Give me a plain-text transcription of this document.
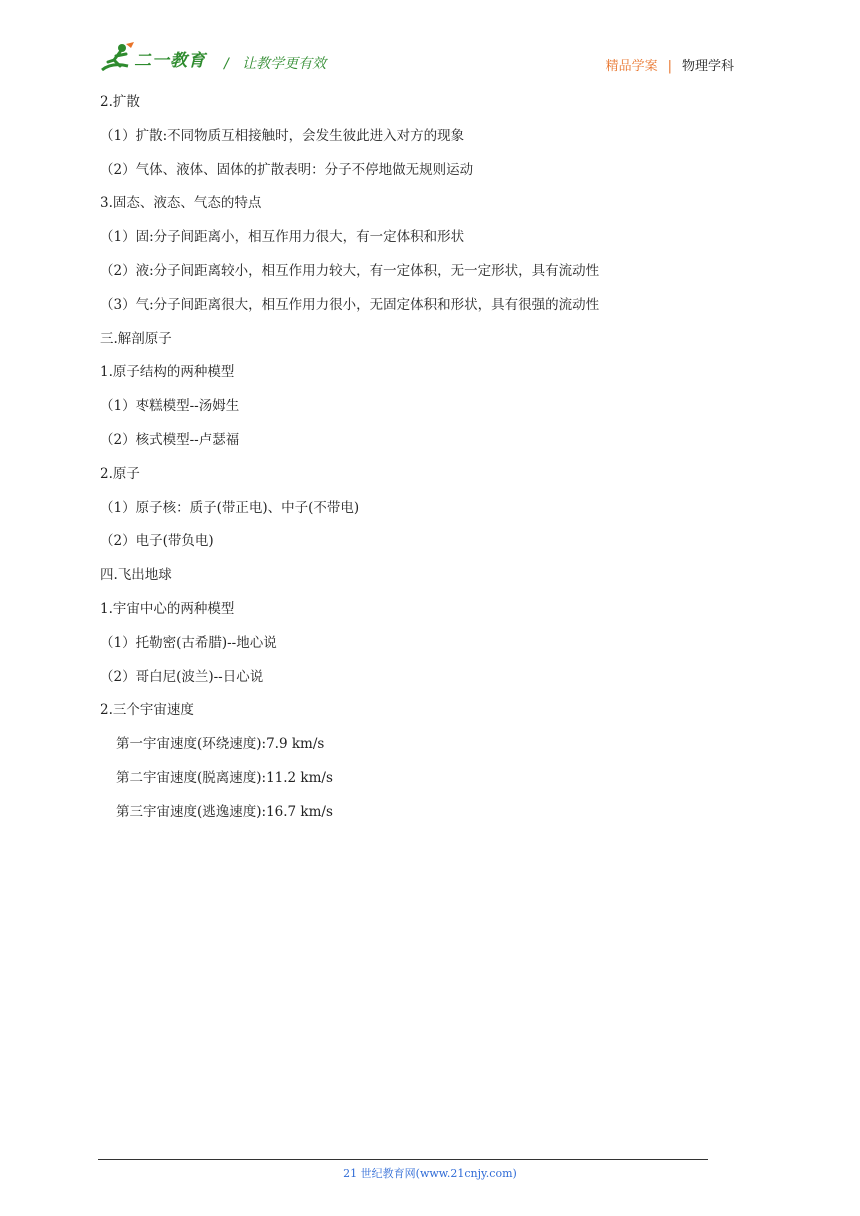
二一教育 / 让教学更有效	精品学案 | 物理学科
2.扩散
（1）扩散:不同物质互相接触时，会发生彼此进入对方的现象
（2）气体、液体、固体的扩散表明：分子不停地做无规则运动
3.固态、液态、气态的特点
（1）固:分子间距离小，相互作用力很大，有一定体积和形状
（2）液:分子间距离较小，相互作用力较大，有一定体积，无一定形状，具有流动性
（3）气:分子间距离很大，相互作用力很小，无固定体积和形状，具有很强的流动性
三.解剖原子
1.原子结构的两种模型
（1）枣糕模型--汤姆生
（2）核式模型--卢瑟福
2.原子
（1）原子核：质子(带正电)、中子(不带电)
（2）电子(带负电)
四.飞出地球
1.宇宙中心的两种模型
（1）托勒密(古希腊)--地心说
（2）哥白尼(波兰)--日心说
2.三个宇宙速度
第一宇宙速度(环绕速度):7.9 km/s
第二宇宙速度(脱离速度):11.2 km/s
第三宇宙速度(逃逸速度):16.7 km/s
21 世纪教育网(www.21cnjy.com)
